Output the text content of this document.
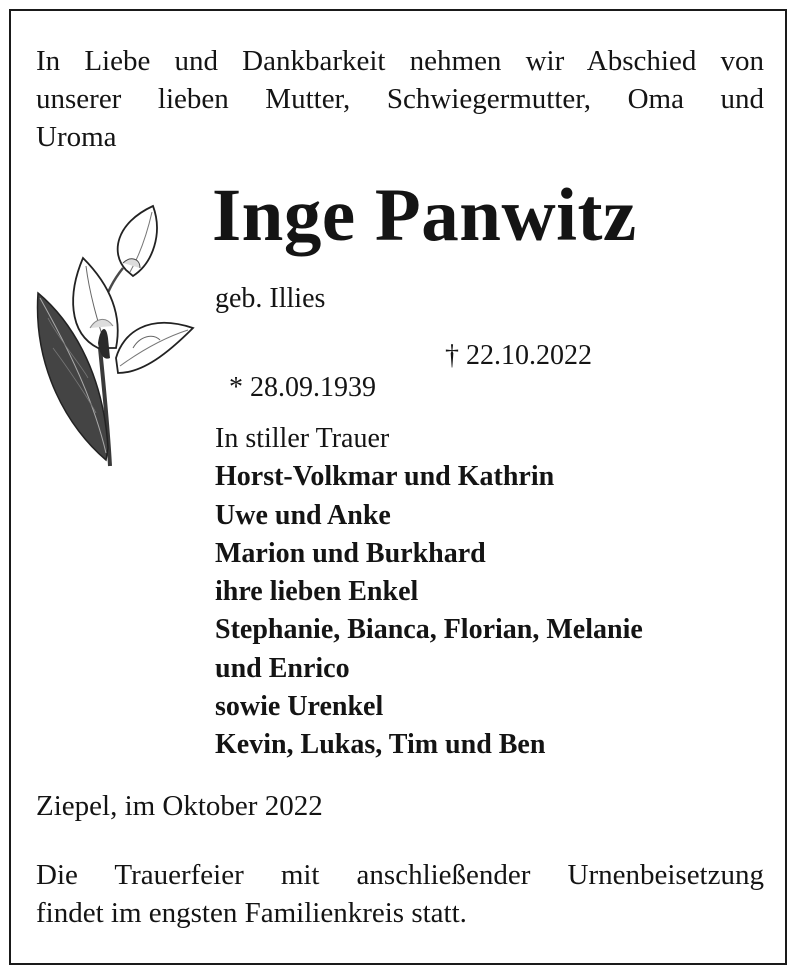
In Liebe und Dankbarkeit nehmen wir Abschied von
unserer lieben Mutter, Schwiegermutter, Oma und
Uroma
Inge Panwitz
geb. Illies

* 28.09.1939

† 22.10.2022

In stiller Trauer
Horst-Volkmar und Kathrin
Uwe und Anke
Marion und Burkhard
ihre lieben Enkel
Stephanie, Bianca, Florian, Melanie
und Enrico
sowie Urenkel
Kevin, Lukas, Tim und Ben
Ziepel, im Oktober 2022
Die Trauerfeier mit anschließender Urnenbeisetzung
findet im engsten Familienkreis statt.
